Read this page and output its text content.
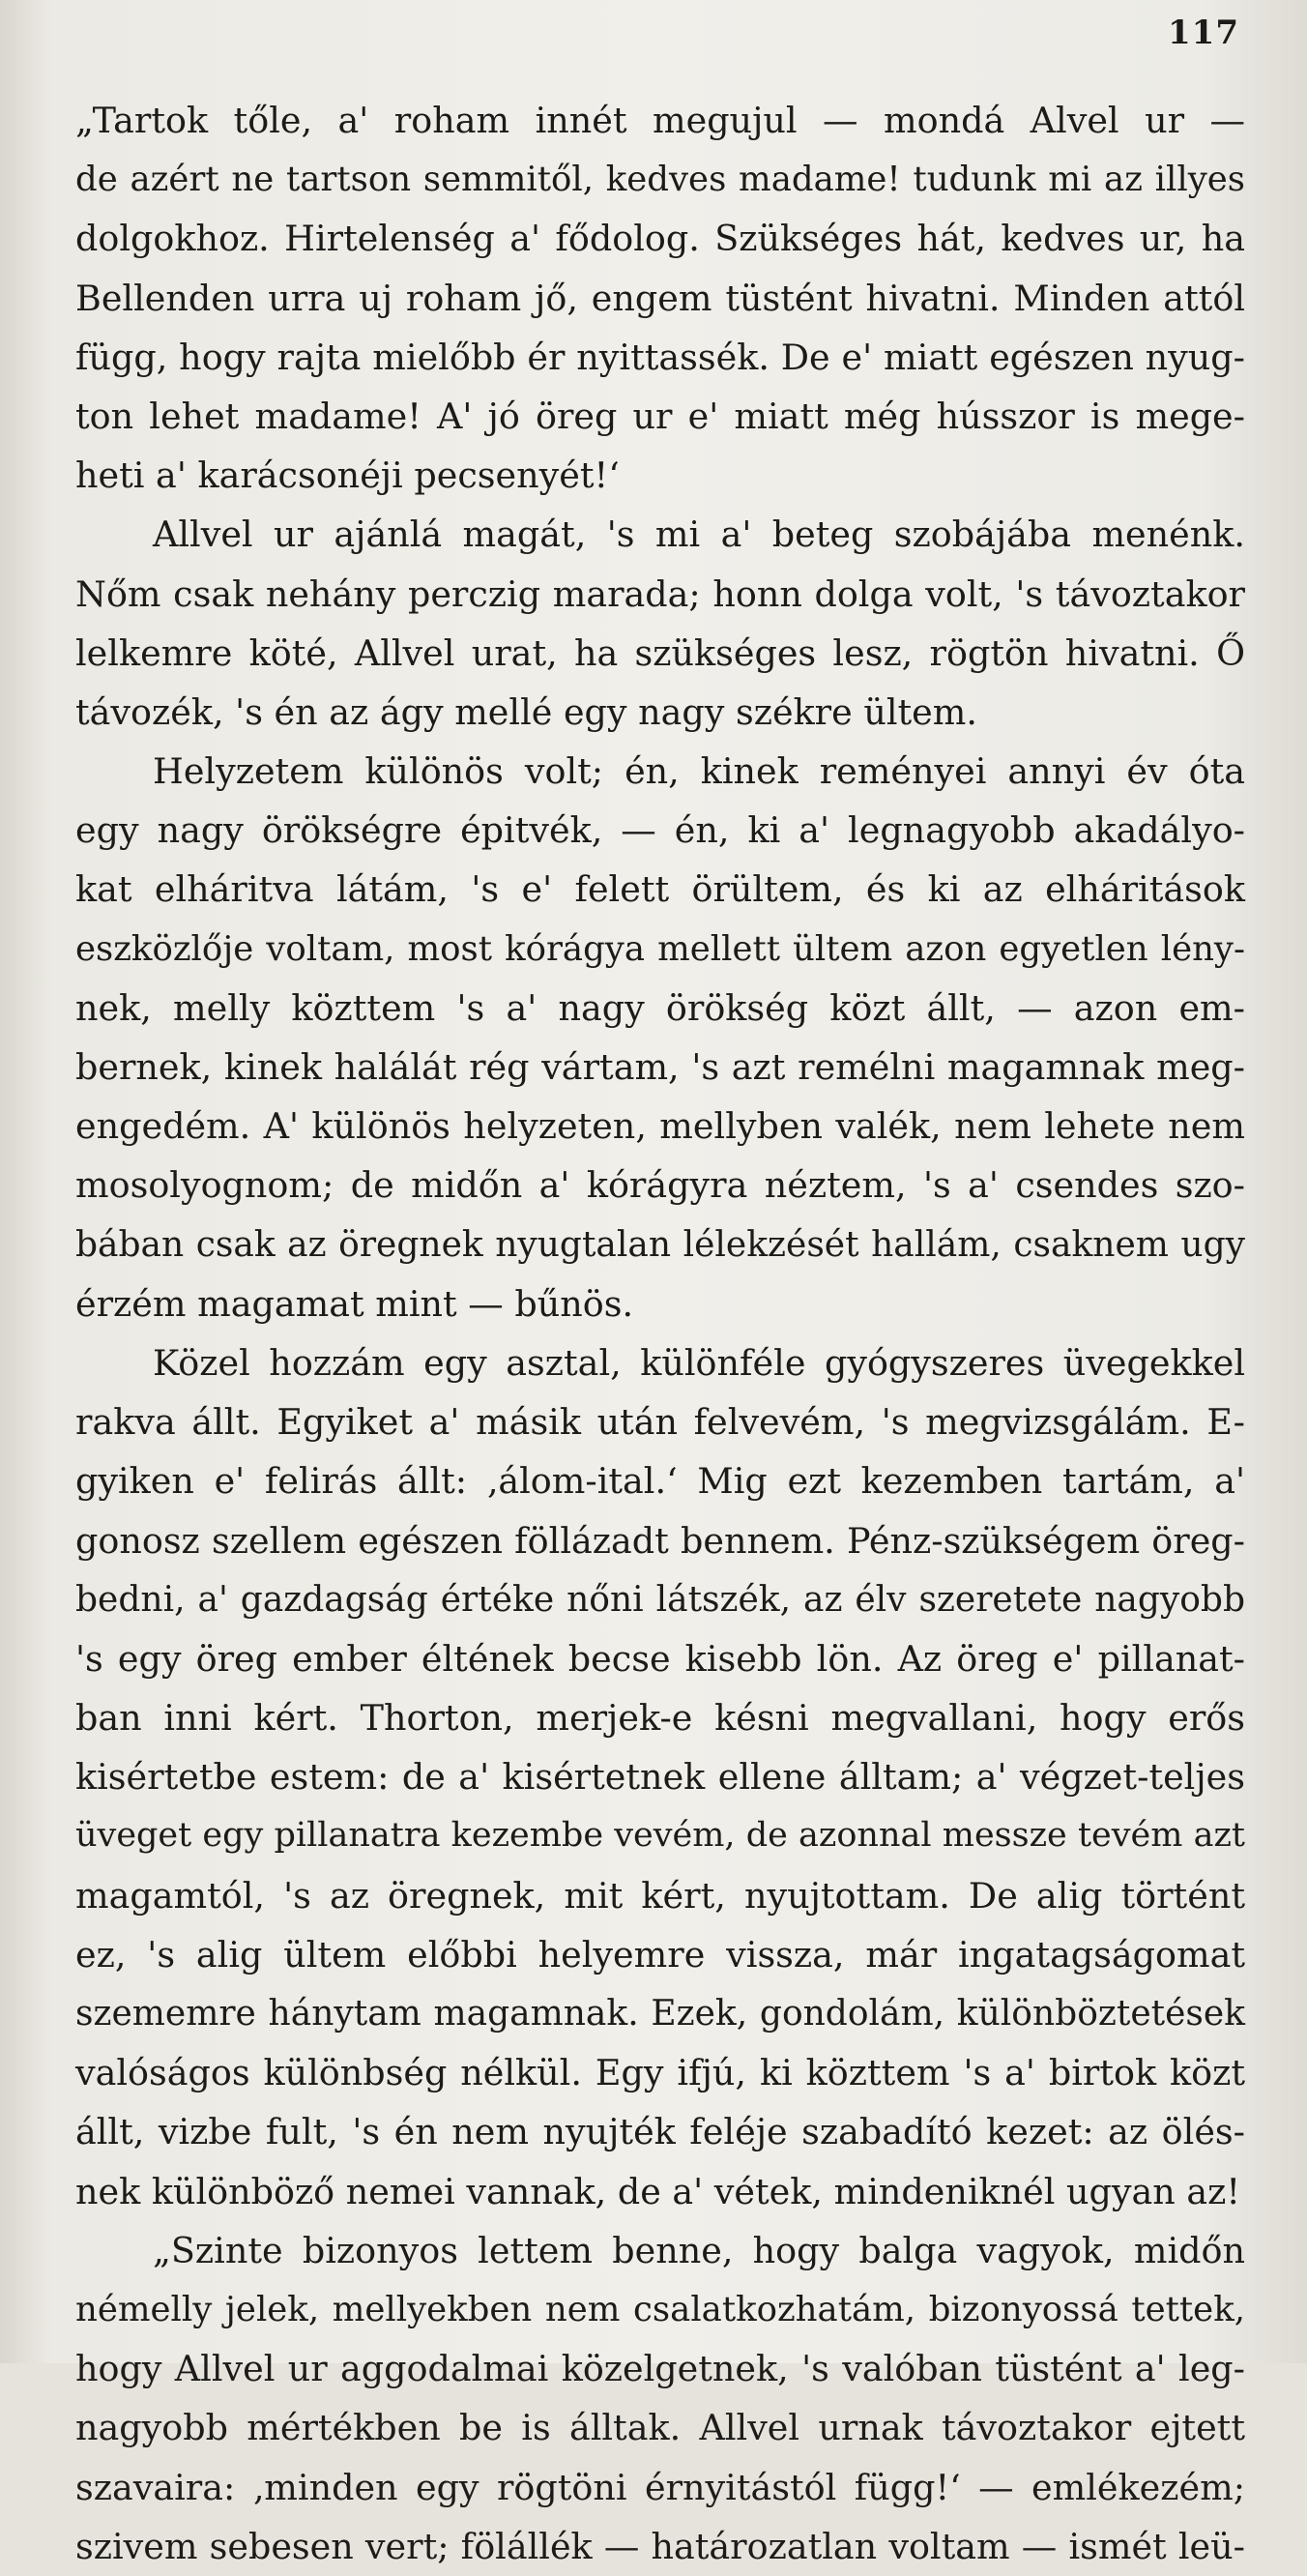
117
„Tartok tőle, a' roham innét megujul — mondá Alvel ur —
de azért ne tartson semmitől, kedves madame! tudunk mi az illyes
dolgokhoz. Hirtelenség a' fődolog. Szükséges hát, kedves ur, ha
Bellenden urra uj roham jő, engem tüstént hivatni. Minden attól
függ, hogy rajta mielőbb ér nyittassék. De e' miatt egészen nyug-
ton lehet madame! A' jó öreg ur e' miatt még hússzor is mege-
heti a' karácsonéji pecsenyét!‘
Allvel ur ajánlá magát, 's mi a' beteg szobájába menénk.
Nőm csak nehány perczig marada; honn dolga volt, 's távoztakor
lelkemre köté, Allvel urat, ha szükséges lesz, rögtön hivatni. Ő
távozék, 's én az ágy mellé egy nagy székre ültem.
Helyzetem különös volt; én, kinek reményei annyi év óta
egy nagy örökségre épitvék, — én, ki a' legnagyobb akadályo-
kat elháritva látám, 's e' felett örültem, és ki az elháritások
eszközlője voltam, most kórágya mellett ültem azon egyetlen lény-
nek, melly közttem 's a' nagy örökség közt állt, — azon em-
bernek, kinek halálát rég vártam, 's azt remélni magamnak meg-
engedém. A' különös helyzeten, mellyben valék, nem lehete nem
mosolyognom; de midőn a' kórágyra néztem, 's a' csendes szo-
bában csak az öregnek nyugtalan lélekzését hallám, csaknem ugy
érzém magamat mint — bűnös.
Közel hozzám egy asztal, különféle gyógyszeres üvegekkel
rakva állt. Egyiket a' másik után felvevém, 's megvizsgálám. E-
gyiken e' felirás állt: ‚álom-ital.‘ Mig ezt kezemben tartám, a'
gonosz szellem egészen föllázadt bennem. Pénz-szükségem öreg-
bedni, a' gazdagság értéke nőni látszék, az élv szeretete nagyobb
's egy öreg ember éltének becse kisebb lön. Az öreg e' pillanat-
ban inni kért. Thorton, merjek-e késni megvallani, hogy erős
kisértetbe estem: de a' kisértetnek ellene álltam; a' végzet-teljes
üveget egy pillanatra kezembe vevém, de azonnal messze tevém azt
magamtól, 's az öregnek, mit kért, nyujtottam. De alig történt
ez, 's alig ültem előbbi helyemre vissza, már ingatagságomat
szememre hánytam magamnak. Ezek, gondolám, különböztetések
valóságos különbség nélkül. Egy ifjú, ki közttem 's a' birtok közt
állt, vizbe fult, 's én nem nyujték feléje szabadító kezet: az ölés-
nek különböző nemei vannak, de a' vétek, mindeniknél ugyan az!
„Szinte bizonyos lettem benne, hogy balga vagyok, midőn
némelly jelek, mellyekben nem csalatkozhatám, bizonyossá tettek,
hogy Allvel ur aggodalmai közelgetnek, 's valóban tüstént a' leg-
nagyobb mértékben be is álltak. Allvel urnak távoztakor ejtett
szavaira: ‚minden egy rögtöni érnyitástól függ!‘ — emlékezém;
szivem sebesen vert; fölállék — határozatlan voltam — ismét leü-
